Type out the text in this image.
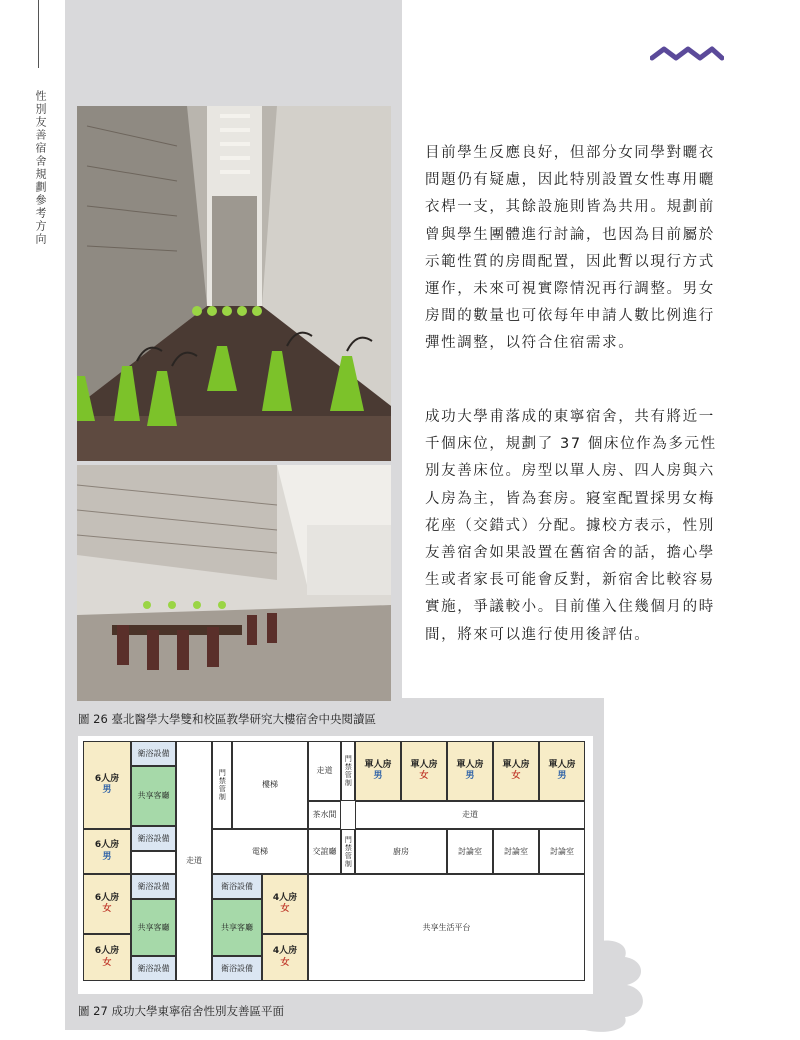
性別友善宿舍規劃參考方向
圖 26 臺北醫學大學雙和校區教學研究大樓宿舍中央閱讀區
目前學生反應良好，但部分女同學對曬衣問題仍有疑慮，因此特別設置女性專用曬衣桿一支，其餘設施則皆為共用。規劃前曾與學生團體進行討論，也因為目前屬於示範性質的房間配置，因此暫以現行方式運作，未來可視實際情況再行調整。男女房間的數量也可依每年申請人數比例進行彈性調整，以符合住宿需求。
成功大學甫落成的東寧宿舍，共有將近一千個床位，規劃了 37 個床位作為多元性別友善床位。房型以單人房、四人房與六人房為主，皆為套房。寢室配置採男女梅花座（交錯式）分配。據校方表示，性別友善宿舍如果設置在舊宿舍的話，擔心學生或者家長可能會反對，新宿舍比較容易實施，爭議較小。目前僅入住幾個月的時間，將來可以進行使用後評估。
6人房
男
6人房
男
6人房
女
6人房
女
衛浴設備
共享客廳
衛浴設備
衛浴設備
共享客廳
衛浴設備
走道
門禁管制	樓梯
電梯
走道
茶水間
交誼廳
門禁管制
門禁管制
衛浴設備
共享客廳
衛浴設備
4人房
女
4人房
女
單人房
男
單人房
女
單人房
男
單人房
女
單人房
男
走道
廚房	討論室	討論室	討論室
共享生活平台
圖 27 成功大學東寧宿舍性別友善區平面
